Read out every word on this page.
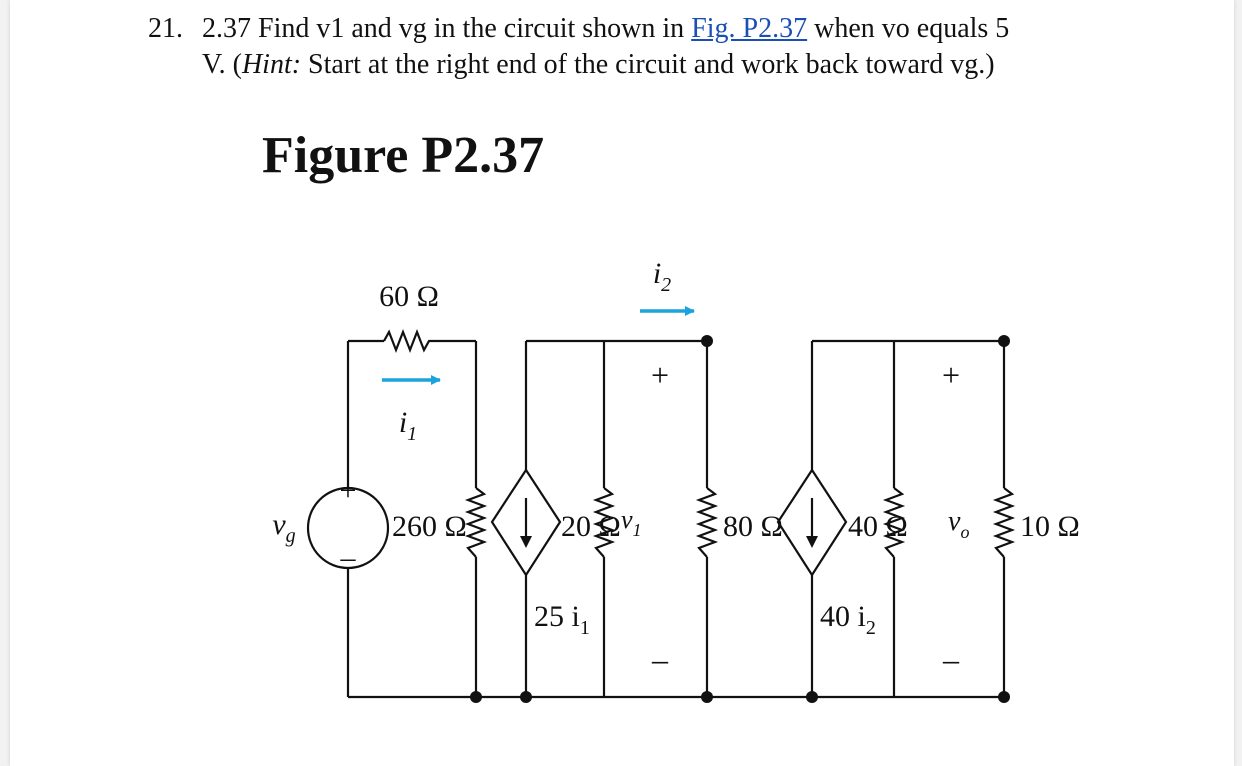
21. 2.37 Find v1 and vg in the circuit shown in Fig. P2.37 when vo equals 5
V. (Hint: Start at the right end of the circuit and work back toward vg.)
Figure P2.37
+
–
60 Ω
$i_1$
$i_2$
$v_g$	260 Ω	20 Ω $v_1$	80 Ω 40 Ω $v_o$ 10 Ω
25 $i_1$	40 $i_2$
+
–
+
–
